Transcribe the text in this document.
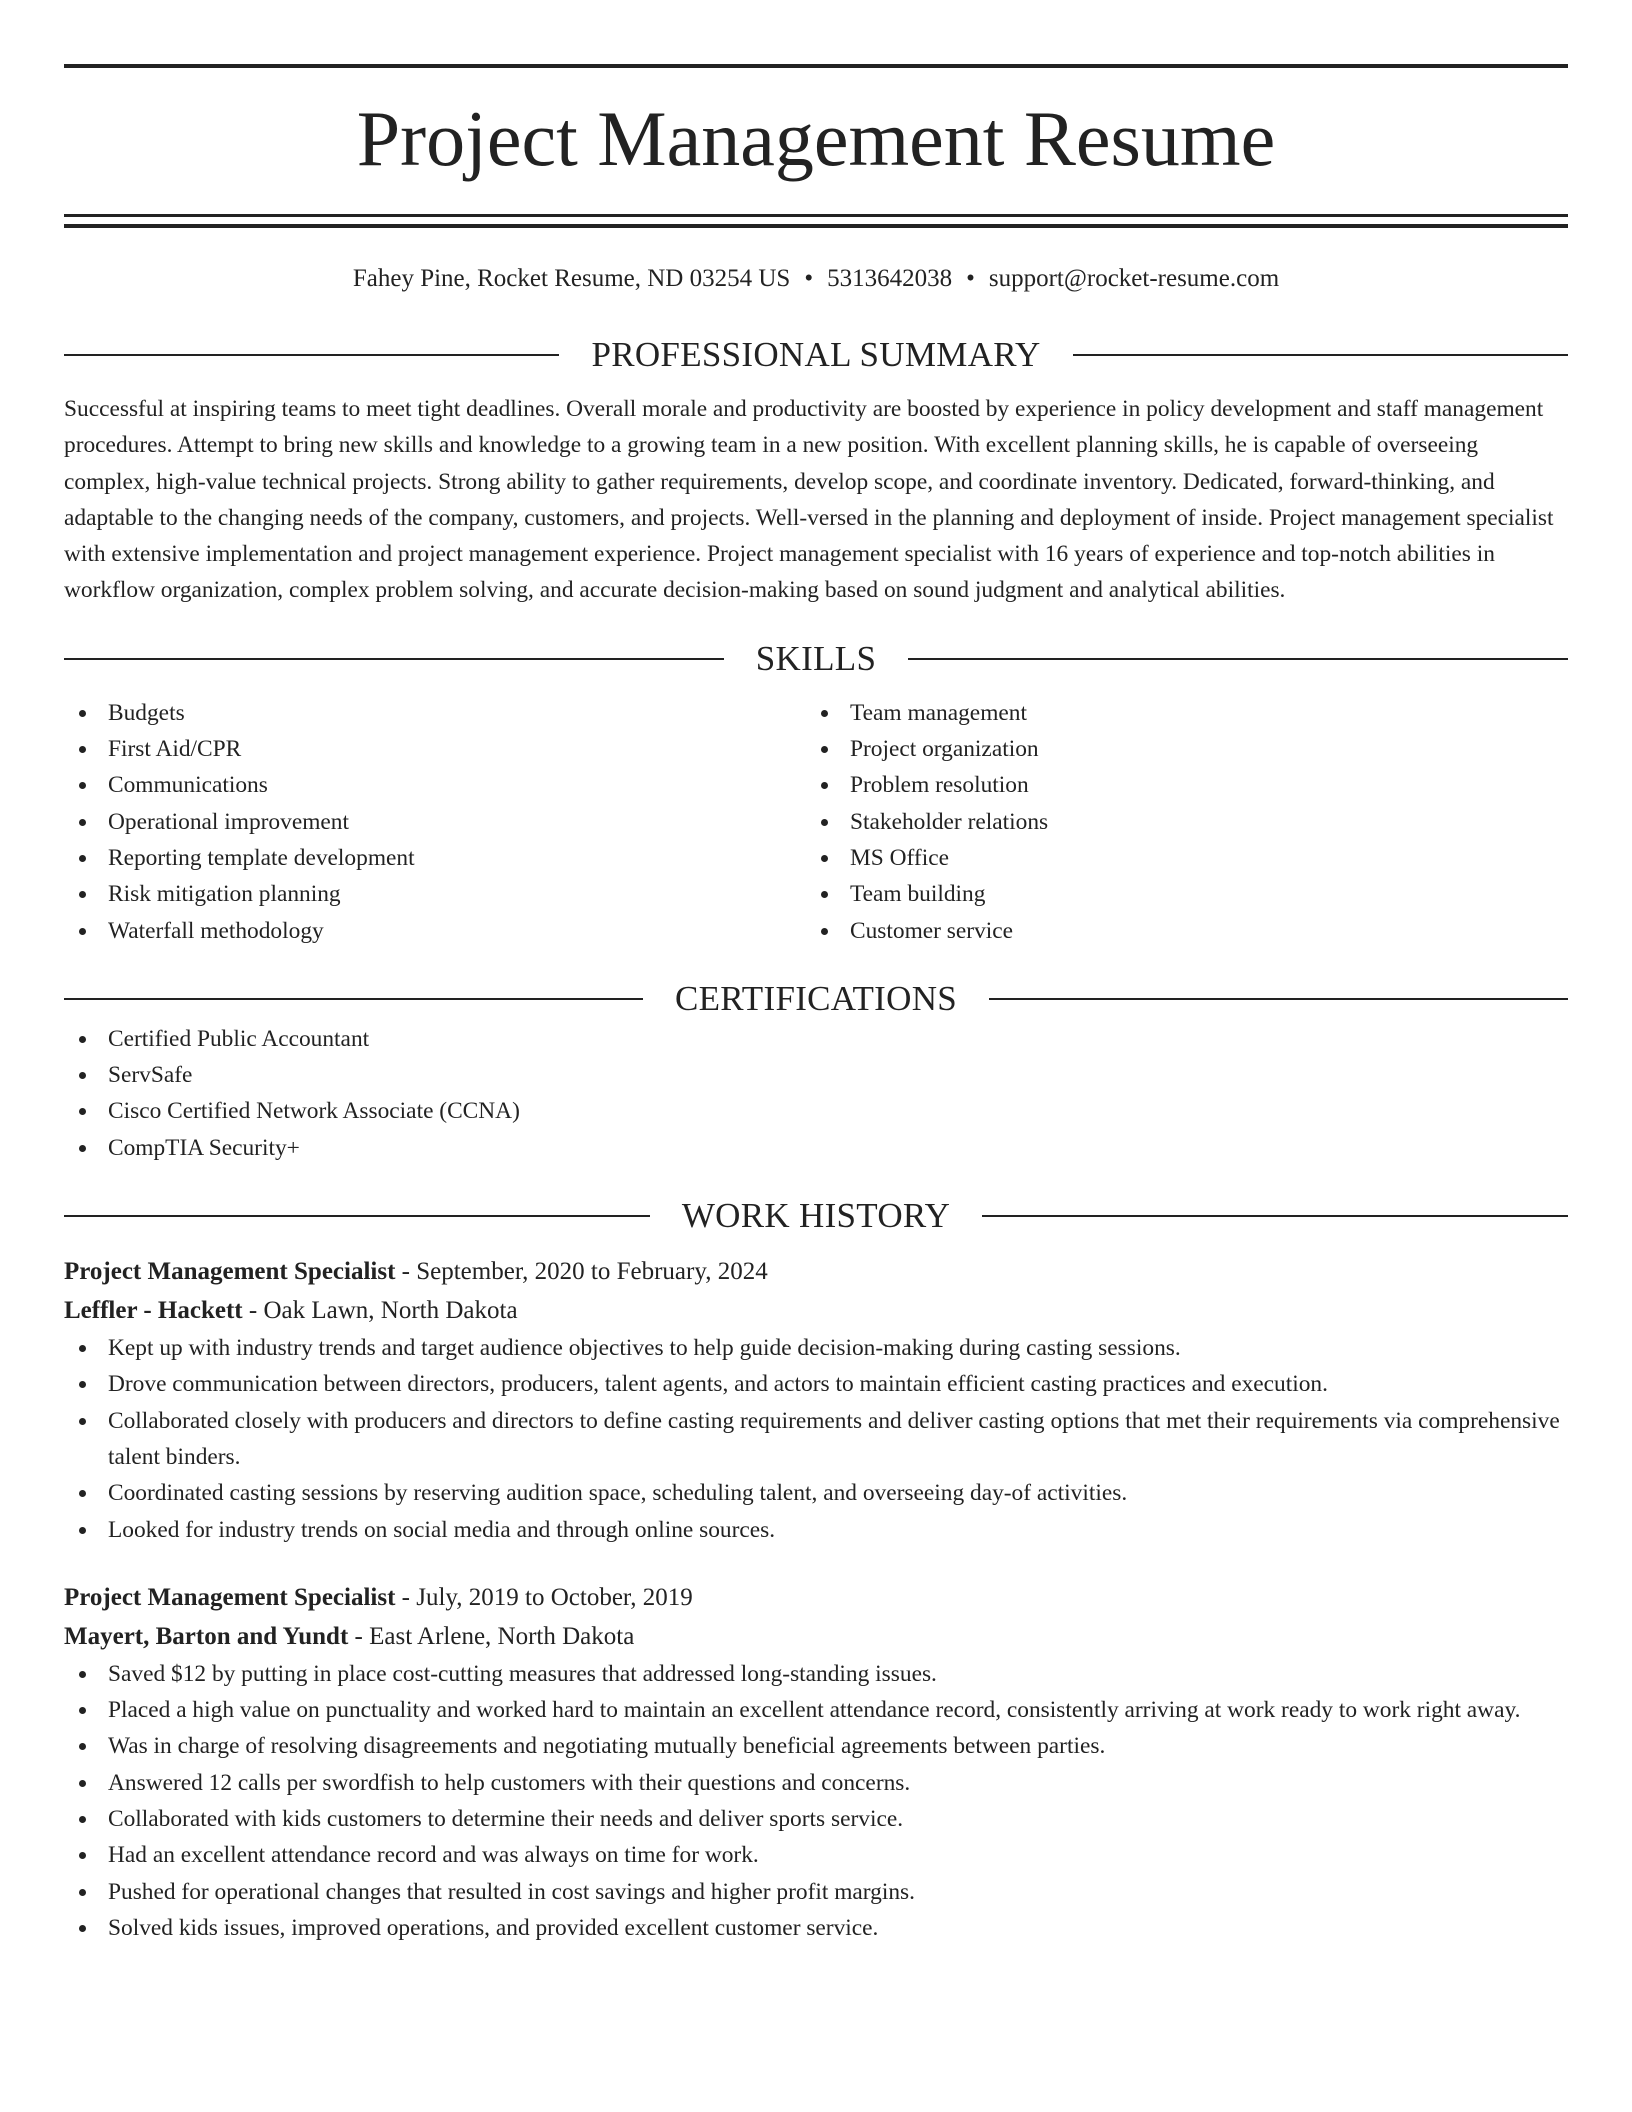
Project Management Resume
Fahey Pine, Rocket Resume, ND 03254 US • 5313642038 • support@rocket-resume.com
PROFESSIONAL SUMMARY
Successful at inspiring teams to meet tight deadlines. Overall morale and productivity are boosted by experience in policy development and staff management procedures. Attempt to bring new skills and knowledge to a growing team in a new position. With excellent planning skills, he is capable of overseeing complex, high-value technical projects. Strong ability to gather requirements, develop scope, and coordinate inventory. Dedicated, forward-thinking, and adaptable to the changing needs of the company, customers, and projects. Well-versed in the planning and deployment of inside. Project management specialist with extensive implementation and project management experience. Project management specialist with 16 years of experience and top-notch abilities in workflow organization, complex problem solving, and accurate decision-making based on sound judgment and analytical abilities.
SKILLS
Budgets
First Aid/CPR
Communications
Operational improvement
Reporting template development
Risk mitigation planning
Waterfall methodology
Team management
Project organization
Problem resolution
Stakeholder relations
MS Office
Team building
Customer service
CERTIFICATIONS
Certified Public Accountant
ServSafe
Cisco Certified Network Associate (CCNA)
CompTIA Security+
WORK HISTORY
Project Management Specialist - September, 2020 to February, 2024
Leffler - Hackett - Oak Lawn, North Dakota
Kept up with industry trends and target audience objectives to help guide decision-making during casting sessions.
Drove communication between directors, producers, talent agents, and actors to maintain efficient casting practices and execution.
Collaborated closely with producers and directors to define casting requirements and deliver casting options that met their requirements via comprehensive talent binders.
Coordinated casting sessions by reserving audition space, scheduling talent, and overseeing day-of activities.
Looked for industry trends on social media and through online sources.
Project Management Specialist - July, 2019 to October, 2019
Mayert, Barton and Yundt - East Arlene, North Dakota
Saved $12 by putting in place cost-cutting measures that addressed long-standing issues.
Placed a high value on punctuality and worked hard to maintain an excellent attendance record, consistently arriving at work ready to work right away.
Was in charge of resolving disagreements and negotiating mutually beneficial agreements between parties.
Answered 12 calls per swordfish to help customers with their questions and concerns.
Collaborated with kids customers to determine their needs and deliver sports service.
Had an excellent attendance record and was always on time for work.
Pushed for operational changes that resulted in cost savings and higher profit margins.
Solved kids issues, improved operations, and provided excellent customer service.
